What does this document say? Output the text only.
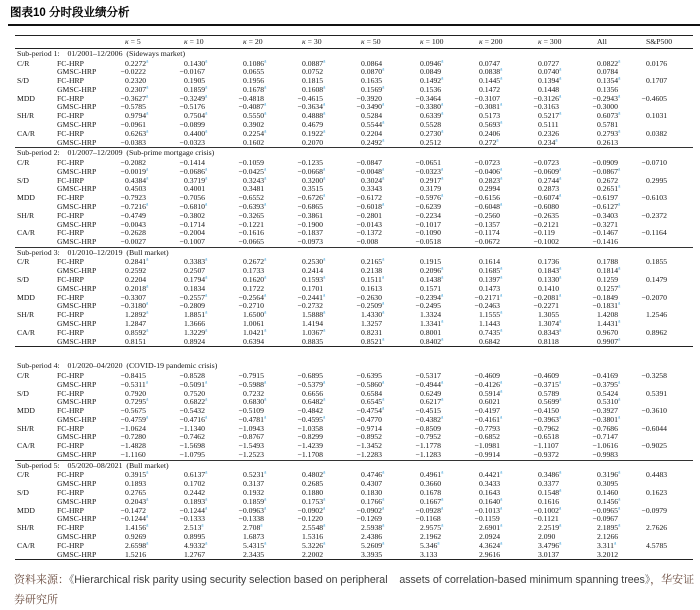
图表10 分时段业绩分析
		κ = 5	κ = 10	κ = 20	κ = 30	κ = 50	κ = 100	κ = 200	κ = 300	All	S&P500
Sub-period 1:    01/2001–12/2006  (Sideways market)											
C/R	FC-HRP	0.2272$^a$	0.1430$^a$	0.1086$^a$	0.0887$^a$	0.0864	0.0946$^a$	0.0747	0.0727	0.0822$^a$	0.0176
	GMSC-HRP	−0.0222	−0.0167	0.0655	0.0752	0.0870$^a$	0.0849	0.0838$^a$	0.0740$^a$	0.0784	
S/D	FC-HRP	0.2320	0.1905	0.1956	0.1815	0.1635	0.1492$^a$	0.1445$^a$	0.1394$^a$	0.1354$^a$	0.1707
	GMSC-HRP	0.2307$^a$	0.1859$^a$	0.1678$^a$	0.1608$^a$	0.1569$^a$	0.1536	0.1472	0.1448	0.1356	
MDD	FC-HRP	−0.3627$^a$	−0.3249$^a$	−0.4818	−0.4615	−0.3920	−0.3464	−0.3107	−0.3126$^a$	−0.2943$^a$	−0.4605
	GMSC-HRP	−0.5785	−0.5176	−0.4087$^a$	−0.3634$^a$	−0.3490$^a$	−0.3380$^a$	−0.3081$^a$	−0.3163	−0.3000	
SH/R	FC-HRP	0.9794$^a$	0.7504$^a$	0.5550$^a$	0.4888$^a$	0.5284	0.6339$^a$	0.5173	0.5217$^a$	0.6073$^a$	0.1031
	GMSC-HRP	−0.0961	−0.0899	0.3902	0.4679	0.5544$^a$	0.5528	0.5693$^a$	0.5111	0.5781	
CA/R	FC-HRP	0.6263$^a$	0.4400$^a$	0.2254$^a$	0.1922$^a$	0.2204	0.2730$^a$	0.2406	0.2326	0.2793$^a$	0.0382
	GMSC-HRP	−0.0383	−0.0323	0.1602	0.2070	0.2492$^a$	0.2512	0.272$^a$	0.234$^a$	0.2613	
Sub-period 2:    01/2007–12/2009  (Sub-prime mortgage crisis)											
C/R	FC-HRP	−0.2082	−0.1414	−0.1059	−0.1235	−0.0847	−0.0651	−0.0723	−0.0723	−0.0909	−0.0710
	GMSC-HRP	−0.0019$^a$	−0.0686$^a$	−0.0425$^a$	−0.0668$^a$	−0.0048$^a$	−0.0323$^a$	−0.0406$^a$	−0.0609$^a$	−0.0867$^a$	
S/D	FC-HRP	0.4384$^a$	0.3719$^a$	0.3243$^a$	0.3200$^a$	0.3024$^a$	0.2917$^a$	0.2823$^a$	0.2744$^a$	0.2672	0.2995
	GMSC-HRP	0.4503	0.4001	0.3481	0.3515	0.3343	0.3179	0.2994	0.2873	0.2651$^a$	
MDD	FC-HRP	−0.7923	−0.7056	−0.6552	−0.6726$^a$	−0.6172	−0.5976$^a$	−0.6156	−0.6074$^a$	−0.6197	−0.6103
	GMSC-HRP	−0.7216$^a$	−0.6810$^a$	−0.6393$^a$	−0.6865	−0.6018$^a$	−0.6239	−0.6048$^a$	−0.6080	−0.6127$^a$	
SH/R	FC-HRP	−0.4749	−0.3802	−0.3265	−0.3861	−0.2801	−0.2234	−0.2560	−0.2635	−0.3403	−0.2372
	GMSC-HRP	−0.0043	−0.1714	−0.1221	−0.1900	−0.0143	−0.1017	−0.1357	−0.2121	−0.3271	
CA/R	FC-HRP	−0.2628	−0.2004	−0.1616	−0.1837	−0.1372	−0.1090	−0.1174	−0.119	−0.1467	−0.1164
	GMSC-HRP	−0.0027	−0.1007	−0.0665	−0.0973	−0.008	−0.0518	−0.0672	−0.1002	−0.1416	
Sub-period 3:    01/2010–12/2019  (Bull market)											
C/R	FC-HRP	0.2841$^a$	0.3383$^a$	0.2672$^a$	0.2530$^a$	0.2165$^a$	0.1915	0.1614	0.1736	0.1788	0.1855
	GMSC-HRP	0.2592	0.2507	0.1733	0.2414	0.2138	0.2096$^a$	0.1685$^a$	0.1843$^a$	0.1814$^a$	
S/D	FC-HRP	0.2204	0.1794$^a$	0.1620$^a$	0.1593$^a$	0.1511$^a$	0.1438$^a$	0.1397$^a$	0.1330$^a$	0.1259	0.1479
	GMSC-HRP	0.2018$^a$	0.1834	0.1722	0.1701	0.1613	0.1571	0.1473	0.1410	0.1257$^a$	
MDD	FC-HRP	−0.3307	−0.2557$^a$	−0.2564$^a$	−0.2441$^a$	−0.2630	−0.2394$^a$	−0.2171$^a$	−0.2081$^a$	−0.1849	−0.2070
	GMSC-HRP	−0.3180$^a$	−0.2809	−0.2710	−0.2732	−0.2509$^a$	−0.2495	−0.2463	−0.2271	−0.1831$^a$	
SH/R	FC-HRP	1.2892$^a$	1.8851$^a$	1.6500$^a$	1.5888$^a$	1.4330$^a$	1.3324	1.1555$^a$	1.3055	1.4208	1.2546
	GMSC-HRP	1.2847	1.3666	1.0061	1.4194	1.3257	1.3341$^a$	1.1443	1.3074$^a$	1.4431$^a$	
CA/R	FC-HRP	0.8592$^a$	1.3229$^a$	1.0421$^a$	1.0367$^a$	0.8231	0.8001	0.7435$^a$	0.8343$^a$	0.9670	0.8962
	GMSC-HRP	0.8151	0.8924	0.6394	0.8835	0.8521$^a$	0.8402$^a$	0.6842	0.8118	0.9907$^a$	

Sub-period 4:    01/2020–04/2020  (COVID-19 pandemic crisis)											
C/R	FC-HRP	−0.8415	−0.8528	−0.7915	−0.6895	−0.6395	−0.5317	−0.4609	−0.4609	−0.4169	−0.3258
	GMSC-HRP	−0.5311$^a$	−0.5091$^a$	−0.5988$^a$	−0.5379$^a$	−0.5860$^a$	−0.4944$^a$	−0.4126$^a$	−0.3715$^a$	−0.3795$^a$	
S/D	FC-HRP	0.7920	0.7520	0.7232	0.6656	0.6584	0.6249	0.5914$^a$	0.5789	0.5424	0.5391
	GMSC-HRP	0.7295$^a$	0.6822$^a$	0.6830$^a$	0.6482$^a$	0.6545$^a$	0.6217$^a$	0.6021	0.5699$^a$	0.5310$^a$	
MDD	FC-HRP	−0.5675	−0.5432	−0.5109	−0.4842	−0.4754$^a$	−0.4515	−0.4197	−0.4150	−0.3927	−0.3610
	GMSC-HRP	−0.4759$^a$	−0.4716$^a$	−0.4781$^a$	−0.4595$^a$	−0.4770	−0.4382$^a$	−0.4161$^a$	−0.3963$^a$	−0.3801$^a$	
SH/R	FC-HRP	−1.0624	−1.1340	−1.0943	−1.0358	−0.9714	−0.8509	−0.7793	−0.7962	−0.7686	−0.6044
	GMSC-HRP	−0.7280	−0.7462	−0.8767	−0.8299	−0.8952	−0.7952	−0.6852	−0.6518	−0.7147	
CA/R	FC-HRP	−1.4828	−1.5698	−1.5493	−1.4239	−1.3452	−1.1778	−1.0981	−1.1107	−1.0616	−0.9025
	GMSC-HRP	−1.1160	−1.0795	−1.2523	−1.1708	−1.2283	−1.1283	−0.9914	−0.9372	−0.9983	
Sub-period 5:    05/2020–08/2021  (Bull market)											
C/R	FC-HRP	0.3915$^a$	0.6137$^a$	0.5231$^a$	0.4802$^a$	0.4746$^a$	0.4961$^a$	0.4421$^a$	0.3486$^a$	0.3196$^a$	0.4483
	GMSC-HRP	0.1893	0.1702	0.3137	0.2685	0.4307	0.3660	0.3433	0.3377	0.3095	
S/D	FC-HRP	0.2765	0.2442	0.1932	0.1880	0.1830	0.1678	0.1643	0.1548$^a$	0.1460	0.1623
	GMSC-HRP	0.2043$^a$	0.1893$^a$	0.1859$^a$	0.1753$^a$	0.1766$^a$	0.1667$^a$	0.1640$^a$	0.1616	0.1456$^a$	
MDD	FC-HRP	−0.1472	−0.1244$^a$	−0.0963$^a$	−0.0902$^a$	−0.0902$^a$	−0.0928$^a$	−0.1013$^a$	−0.1002$^a$	−0.0965$^a$	−0.0979
	GMSC-HRP	−0.1244$^a$	−0.1333	−0.1338	−0.1220	−0.1269	−0.1168	−0.1159	−0.1121	−0.0967	
SH/R	FC-HRP	1.4156$^a$	2.513$^a$	2.708$^a$	2.5548$^a$	2.5938$^a$	2.9575$^a$	2.6901$^a$	2.2519$^a$	2.1895$^a$	2.7626
	GMSC-HRP	0.9269	0.8995	1.6873	1.5316	2.4386	2.1962	2.0924	2.090	2.1266	
CA/R	FC-HRP	2.6598$^a$	4.9332$^a$	5.4315$^a$	5.3226$^a$	5.2609$^a$	5.346$^a$	4.3624$^a$	3.4796$^a$	3.311$^a$	4.5785
	GMSC-HRP	1.5216	1.2767	2.3435	2.2002	3.3935	3.133	2.9616	3.0137	3.2012	
资料来源：《Hierarchical risk parity using security selection based on peripheral    assets of correlation-based minimum spanning trees》，华安证券研究所
